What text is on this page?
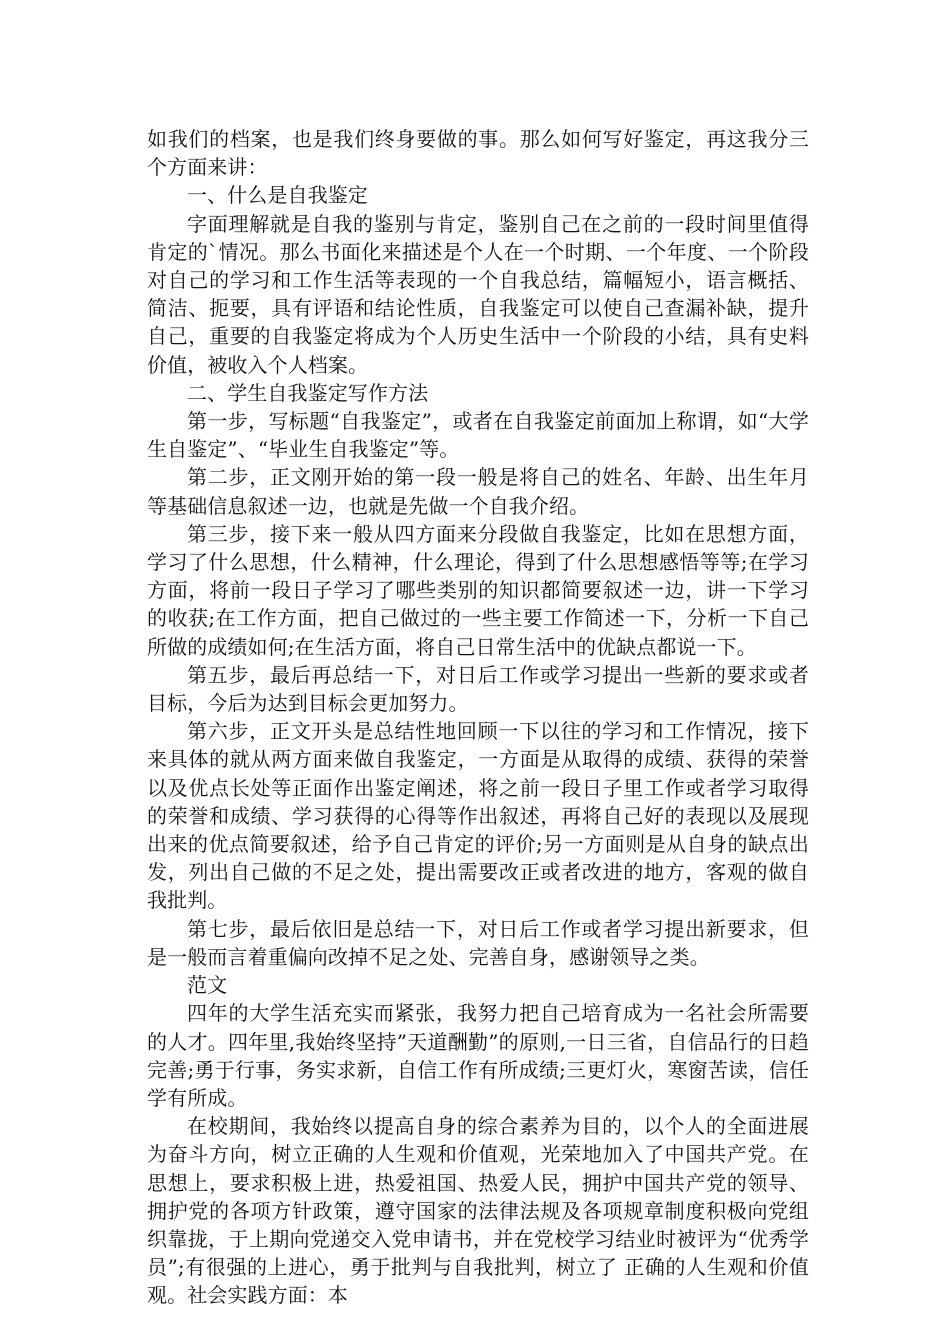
如我们的档案，也是我们终身要做的事。那么如何写好鉴定，再这我分三个方面来讲：

一、什么是自我鉴定

字面理解就是自我的鉴别与肯定，鉴别自己在之前的一段时间里值得肯定的`情况。那么书面化来描述是个人在一个时期、一个年度、一个阶段对自己的学习和工作生活等表现的一个自我总结，篇幅短小，语言概括、简洁、扼要，具有评语和结论性质，自我鉴定可以使自己查漏补缺，提升自己，重要的自我鉴定将成为个人历史生活中一个阶段的小结，具有史料价值，被收入个人档案。

二、学生自我鉴定写作方法

第一步，写标题“自我鉴定”，或者在自我鉴定前面加上称谓，如“大学生自鉴定”、“毕业生自我鉴定”等。

第二步，正文刚开始的第一段一般是将自己的姓名、年龄、出生年月等基础信息叙述一边，也就是先做一个自我介绍。

第三步，接下来一般从四方面来分段做自我鉴定，比如在思想方面，学习了什么思想，什么精神，什么理论，得到了什么思想感悟等等;在学习方面，将前一段日子学习了哪些类别的知识都简要叙述一边，讲一下学习的收获;在工作方面，把自己做过的一些主要工作简述一下，分析一下自己所做的成绩如何;在生活方面，将自己日常生活中的优缺点都说一下。

第五步，最后再总结一下，对日后工作或学习提出一些新的要求或者目标，今后为达到目标会更加努力。

第六步，正文开头是总结性地回顾一下以往的学习和工作情况，接下来具体的就从两方面来做自我鉴定，一方面是从取得的成绩、获得的荣誉以及优点长处等正面作出鉴定阐述，将之前一段日子里工作或者学习取得的荣誉和成绩、学习获得的心得等作出叙述，再将自己好的表现以及展现出来的优点简要叙述，给予自己肯定的评价;另一方面则是从自身的缺点出发，列出自己做的不足之处，提出需要改正或者改进的地方，客观的做自我批判。

第七步，最后依旧是总结一下，对日后工作或者学习提出新要求，但是一般而言着重偏向改掉不足之处、完善自身，感谢领导之类。

范文

四年的大学生活充实而紧张，我努力把自己培育成为一名社会所需要的人才。四年里,我始终坚持”天道酬勤”的原则,一日三省，自信品行的日趋完善;勇于行事，务实求新，自信工作有所成绩;三更灯火，寒窗苦读，信任学有所成。

在校期间，我始终以提高自身的综合素养为目的，以个人的全面进展为奋斗方向，树立正确的人生观和价值观，光荣地加入了中国共产党。在思想上，要求积极上进，热爱祖国、热爱人民，拥护中国共产党的领导、拥护党的各项方针政策，遵守国家的法律法规及各项规章制度积极向党组织靠拢，于上期向党递交入党申请书，并在党校学习结业时被评为“优秀学员”;有很强的上进心，勇于批判与自我批判，树立了 正确的人生观和价值观。社会实践方面：本
